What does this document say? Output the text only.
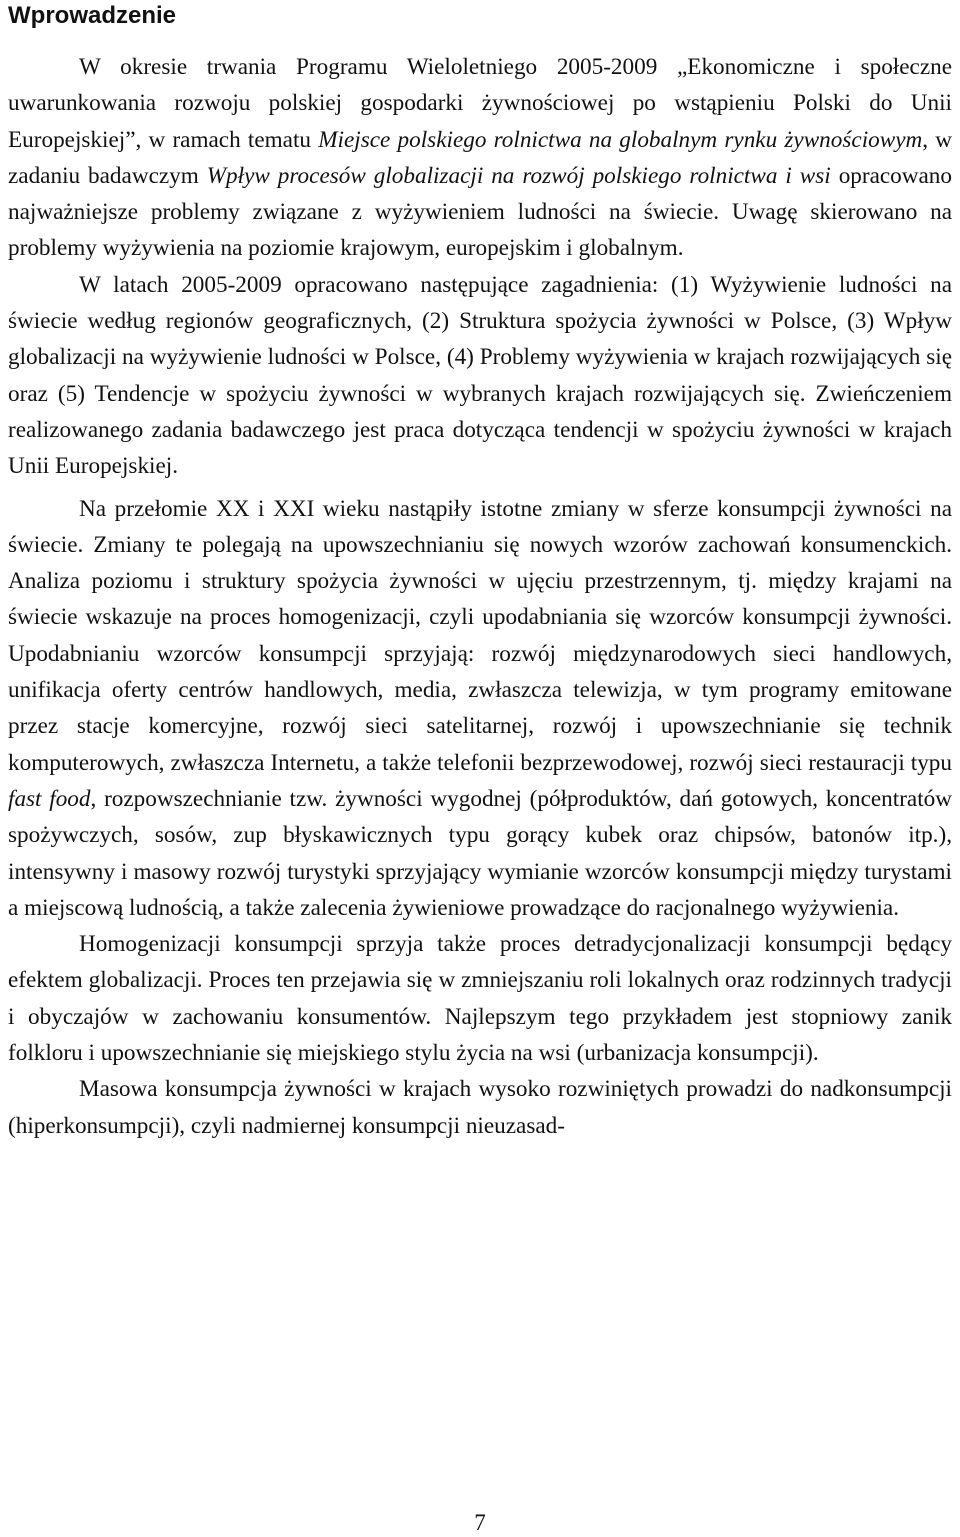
Wprowadzenie

W okresie trwania Programu Wieloletniego 2005-2009 „Ekonomiczne i społeczne uwarunkowania rozwoju polskiej gospodarki żywnościowej po wstąpieniu Polski do Unii Europejskiej”, w ramach tematu Miejsce polskiego rolnictwa na globalnym rynku żywnościowym, w zadaniu badawczym Wpływ procesów globalizacji na rozwój polskiego rolnictwa i wsi opracowano najważniejsze problemy związane z wyżywieniem ludności na świecie. Uwagę skierowano na problemy wyżywienia na poziomie krajowym, europejskim i globalnym.

W latach 2005-2009 opracowano następujące zagadnienia: (1) Wyżywienie ludności na świecie według regionów geograficznych, (2) Struktura spożycia żywności w Polsce, (3) Wpływ globalizacji na wyżywienie ludności w Polsce, (4) Problemy wyżywienia w krajach rozwijających się oraz (5) Tendencje w spożyciu żywności w wybranych krajach rozwijających się. Zwieńczeniem realizowanego zadania badawczego jest praca dotycząca tendencji w spożyciu żywności w krajach Unii Europejskiej.

Na przełomie XX i XXI wieku nastąpiły istotne zmiany w sferze konsumpcji żywności na świecie. Zmiany te polegają na upowszechnianiu się nowych wzorów zachowań konsumenckich. Analiza poziomu i struktury spożycia żywności w ujęciu przestrzennym, tj. między krajami na świecie wskazuje na proces homogenizacji, czyli upodabniania się wzorców konsumpcji żywności. Upodabnianiu wzorców konsumpcji sprzyjają: rozwój międzynarodowych sieci handlowych, unifikacja oferty centrów handlowych, media, zwłaszcza telewizja, w tym programy emitowane przez stacje komercyjne, rozwój sieci satelitarnej, rozwój i upowszechnianie się technik komputerowych, zwłaszcza Internetu, a także telefonii bezprzewodowej, rozwój sieci restauracji typu fast food, rozpowszechnianie tzw. żywności wygodnej (półproduktów, dań gotowych, koncentratów spożywczych, sosów, zup błyskawicznych typu gorący kubek oraz chipsów, batonów itp.), intensywny i masowy rozwój turystyki sprzyjający wymianie wzorców konsumpcji między turystami a miejscową ludnością, a także zalecenia żywieniowe prowadzące do racjonalnego wyżywienia.

Homogenizacji konsumpcji sprzyja także proces detradycjonalizacji konsumpcji będący efektem globalizacji. Proces ten przejawia się w zmniejszaniu roli lokalnych oraz rodzinnych tradycji i obyczajów w zachowaniu konsumentów. Najlepszym tego przykładem jest stopniowy zanik folkloru i upowszechnianie się miejskiego stylu życia na wsi (urbanizacja konsumpcji).

Masowa konsumpcja żywności w krajach wysoko rozwiniętych prowadzi do nadkonsumpcji (hiperkonsumpcji), czyli nadmiernej konsumpcji nieuzasad-

7
